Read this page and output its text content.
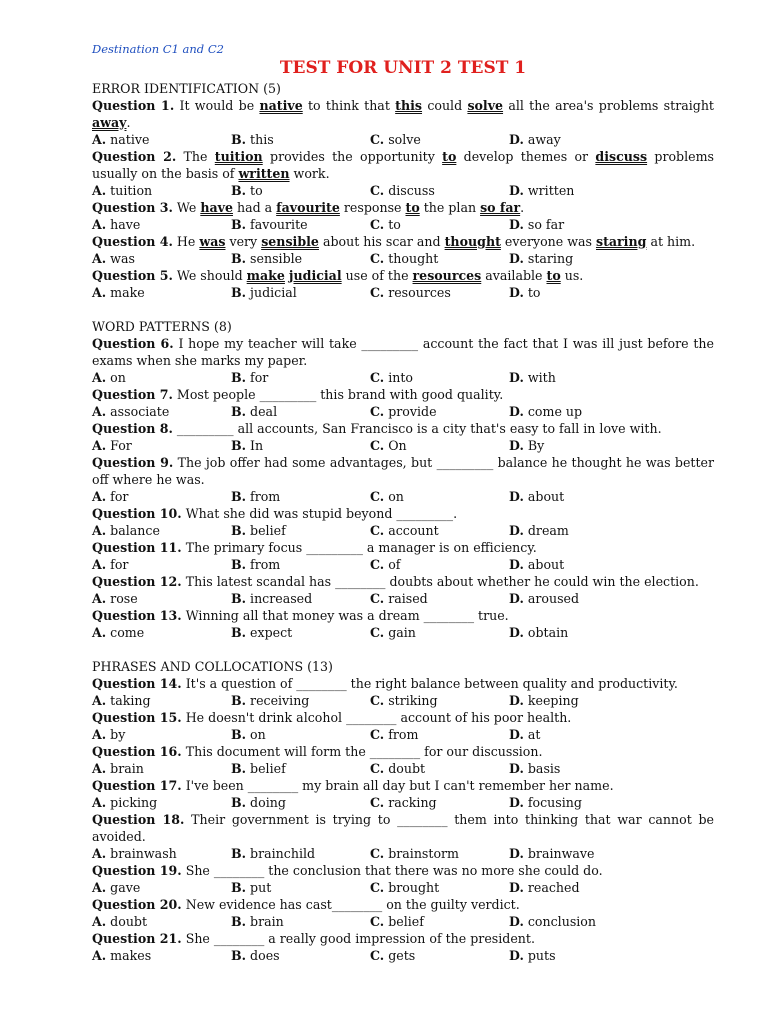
Destination C1 and C2
TEST FOR UNIT 2 TEST 1
ERROR IDENTIFICATION (5)
Question 1. It would be native to think that this could solve all the area's problems straight away.
A. native	B. this	C. solve	D. away
Question 2. The tuition provides the opportunity to develop themes or discuss problems usually on the basis of written work.
A. tuition	B. to	C. discuss	D. written
Question 3. We have had a favourite response to the plan so far.
A. have	B. favourite	C. to	D. so far
Question 4. He was very sensible about his scar and thought everyone was staring at him.
A. was	B. sensible	C. thought	D. staring
Question 5. We should make judicial use of the resources available to us.
A. make	B. judicial	C. resources	D. to
WORD PATTERNS (8)
Question 6. I hope my teacher will take _________ account the fact that I was ill just before the exams when she marks my paper.
A. on	B. for	C. into	D. with
Question 7. Most people _________ this brand with good quality.
A. associate	B. deal	C. provide	D. come up
Question 8. _________ all accounts, San Francisco is a city that's easy to fall in love with.
A. For	B. In	C. On	D. By
Question 9. The job offer had some advantages, but _________ balance he thought he was better off where he was.
A. for	B. from	C. on	D. about
Question 10. What she did was stupid beyond _________.
A. balance	B. belief	C. account	D. dream
Question 11. The primary focus _________ a manager is on efficiency.
A. for	B. from	C. of	D. about
Question 12. This latest scandal has ________ doubts about whether he could win the election.
A. rose	B. increased	C. raised	D. aroused
Question 13. Winning all that money was a dream ________ true.
A. come	B. expect	C. gain	D. obtain
PHRASES AND COLLOCATIONS (13)
Question 14. It's a question of ________ the right balance between quality and productivity.
A. taking	B. receiving	C. striking	D. keeping
Question 15. He doesn't drink alcohol ________ account of his poor health.
A. by	B. on	C. from	D. at
Question 16. This document will form the ________ for our discussion.
A. brain	B. belief	C. doubt	D. basis
Question 17. I've been ________ my brain all day but I can't remember her name.
A. picking	B. doing	C. racking	D. focusing
Question 18. Their government is trying to ________ them into thinking that war cannot be avoided.
A. brainwash	B. brainchild	C. brainstorm	D. brainwave
Question 19. She ________ the conclusion that there was no more she could do.
A. gave	B. put	C. brought	D. reached
Question 20. New evidence has cast________ on the guilty verdict.
A. doubt	B. brain	C. belief	D. conclusion
Question 21. She ________ a really good impression of the president.
A. makes	B. does	C. gets	D. puts
